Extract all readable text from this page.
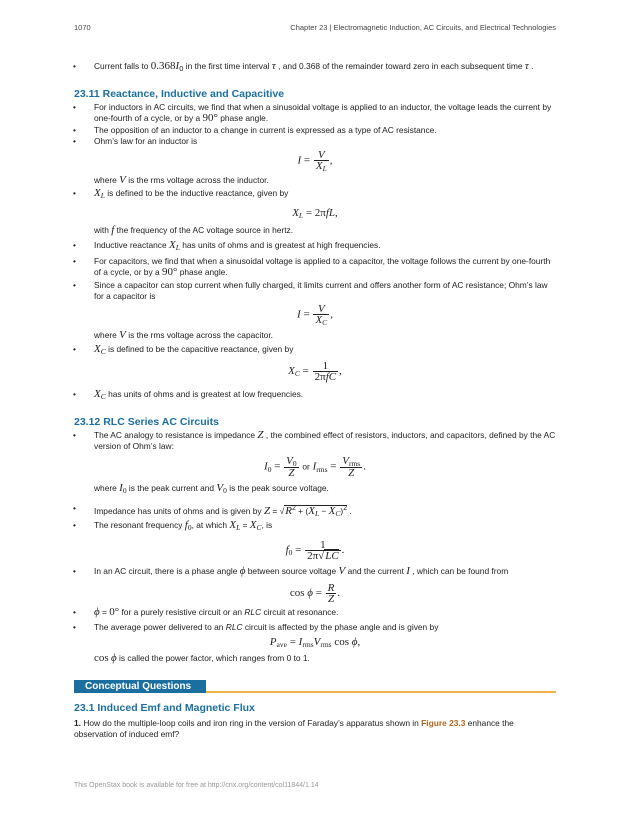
1070	Chapter 23 | Electromagnetic Induction, AC Circuits, and Electrical Technologies
• Current falls to 0.368I0 in the first time interval τ , and 0.368 of the remainder toward zero in each subsequent time τ .
23.11 Reactance, Inductive and Capacitive
• For inductors in AC circuits, we find that when a sinusoidal voltage is applied to an inductor, the voltage leads the current by one-fourth of a cycle, or by a 90° phase angle.
• The opposition of an inductor to a change in current is expressed as a type of AC resistance.
• Ohm’s law for an inductor is
$I = \frac{V}{XL}$ ,
where V is the rms voltage across the inductor.
• XL is defined to be the inductive reactance, given by
XL = 2πfL,
with f the frequency of the AC voltage source in hertz.
• Inductive reactance XL has units of ohms and is greatest at high frequencies.
• For capacitors, we find that when a sinusoidal voltage is applied to a capacitor, the voltage follows the current by one-fourth of a cycle, or by a 90° phase angle.
• Since a capacitor can stop current when fully charged, it limits current and offers another form of AC resistance; Ohm’s law for a capacitor is
$I = \frac{V}{XC}$ ,
where V is the rms voltage across the capacitor.
• XC is defined to be the capacitive reactance, given by
XC = $\frac{1}{\text{2πfC}}$ ,
• XC has units of ohms and is greatest at low frequencies.
23.12 RLC Series AC Circuits
• The AC analogy to resistance is impedance Z , the combined effect of resistors, inductors, and capacitors, defined by the AC version of Ohm’s law:
$I0 = \frac{V0}{Z}$ or Irms = $\frac{\text{Vrms}}{Z}$ .
where I0 is the peak current and V0 is the peak source voltage.
• Impedance has units of ohms and is given by $Z = √R^2 + (XL - XC)^2$ .
• The resonant frequency f0, at which XL = XC, is
$f0 = \frac{1}{2\pi√LC}$ .
• In an AC circuit, there is a phase angle ϕ between source voltage V and the current I , which can be found from
$\cos \phi = \frac{R}{Z}$ .
• ϕ = 0° for a purely resistive circuit or an RLC circuit at resonance.
• The average power delivered to an RLC circuit is affected by the phase angle and is given by
Pave = IrmsVrms cos ϕ,
cos ϕ is called the power factor, which ranges from 0 to 1.
Conceptual Questions
23.1 Induced Emf and Magnetic Flux
1. How do the multiple-loop coils and iron ring in the version of Faraday’s apparatus shown in Figure 23.3 enhance the observation of induced emf?
This OpenStax book is available for free at http://cnx.org/content/col11844/1.14
